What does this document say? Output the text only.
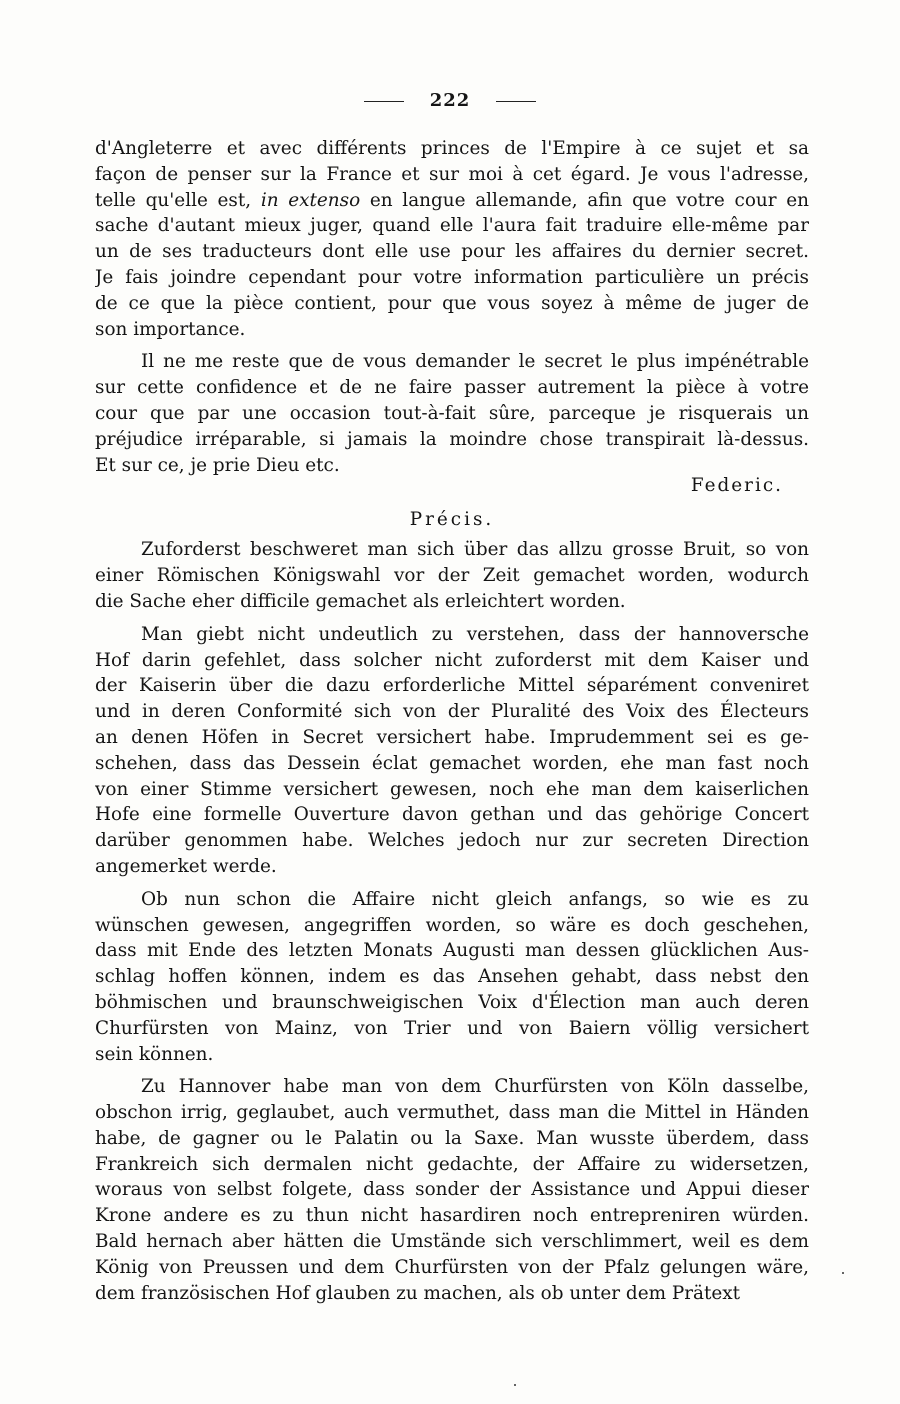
222
d'Angleterre et avec différents princes de l'Empire à ce sujet et sa
façon de penser sur la France et sur moi à cet égard. Je vous l'adresse,
telle qu'elle est, in extenso en langue allemande, afin que votre cour en
sache d'autant mieux juger, quand elle l'aura fait traduire elle-même par
un de ses traducteurs dont elle use pour les affaires du dernier secret.
Je fais joindre cependant pour votre information particulière un précis
de ce que la pièce contient, pour que vous soyez à même de juger de
son importance.
Il ne me reste que de vous demander le secret le plus impénétrable
sur cette confidence et de ne faire passer autrement la pièce à votre
cour que par une occasion tout-à-fait sûre, parceque je risquerais un
préjudice irréparable, si jamais la moindre chose transpirait là-dessus.
Et sur ce, je prie Dieu etc.
Federic.
Précis.
Zuforderst beschweret man sich über das allzu grosse Bruit, so von
einer Römischen Königswahl vor der Zeit gemachet worden, wodurch
die Sache eher difficile gemachet als erleichtert worden.
Man giebt nicht undeutlich zu verstehen, dass der hannoversche
Hof darin gefehlet, dass solcher nicht zuforderst mit dem Kaiser und
der Kaiserin über die dazu erforderliche Mittel séparément conveniret
und in deren Conformité sich von der Pluralité des Voix des Électeurs
an denen Höfen in Secret versichert habe. Imprudemment sei es ge-
schehen, dass das Dessein éclat gemachet worden, ehe man fast noch
von einer Stimme versichert gewesen, noch ehe man dem kaiserlichen
Hofe eine formelle Ouverture davon gethan und das gehörige Concert
darüber genommen habe. Welches jedoch nur zur secreten Direction
angemerket werde.
Ob nun schon die Affaire nicht gleich anfangs, so wie es zu
wünschen gewesen, angegriffen worden, so wäre es doch geschehen,
dass mit Ende des letzten Monats Augusti man dessen glücklichen Aus-
schlag hoffen können, indem es das Ansehen gehabt, dass nebst den
böhmischen und braunschweigischen Voix d'Élection man auch deren
Churfürsten von Mainz, von Trier und von Baiern völlig versichert
sein können.
Zu Hannover habe man von dem Churfürsten von Köln dasselbe,
obschon irrig, geglaubet, auch vermuthet, dass man die Mittel in Händen
habe, de gagner ou le Palatin ou la Saxe. Man wusste überdem, dass
Frankreich sich dermalen nicht gedachte, der Affaire zu widersetzen,
woraus von selbst folgete, dass sonder der Assistance und Appui dieser
Krone andere es zu thun nicht hasardiren noch entrepreniren würden.
Bald hernach aber hätten die Umstände sich verschlimmert, weil es dem
König von Preussen und dem Churfürsten von der Pfalz gelungen wäre,
dem französischen Hof glauben zu machen, als ob unter dem Prätext
